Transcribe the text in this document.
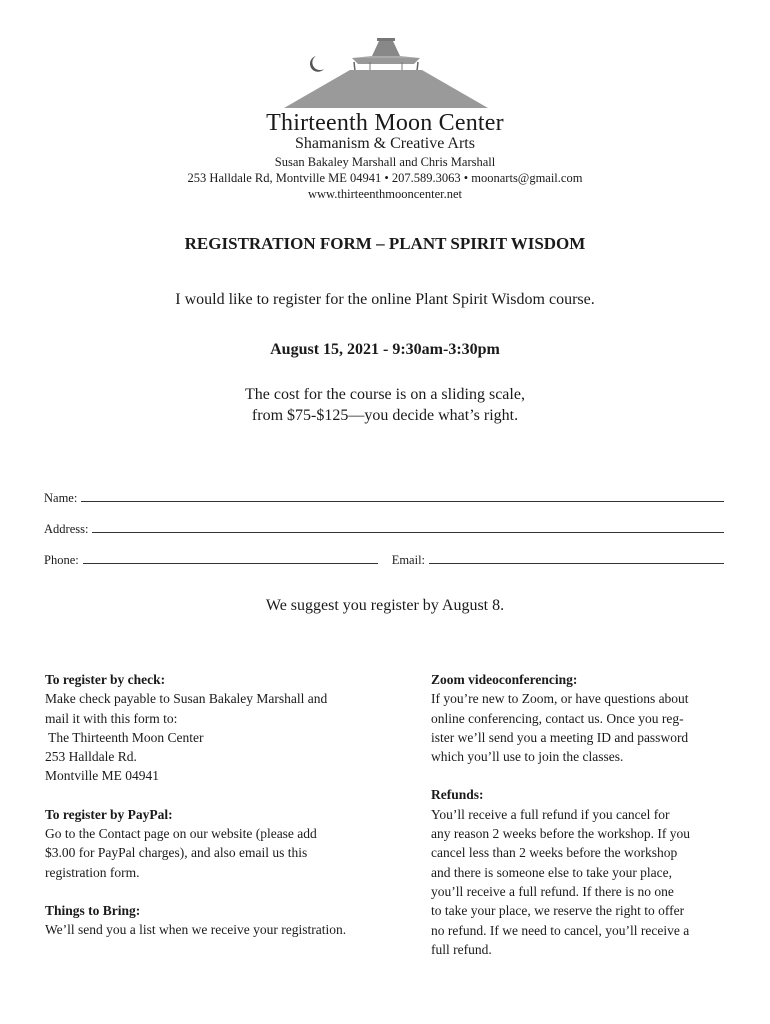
Thirteenth Moon Center
Shamanism & Creative Arts
Susan Bakaley Marshall and Chris Marshall
253 Halldale Rd, Montville ME 04941 • 207.589.3063 • moonarts@gmail.com
www.thirteenthmooncenter.net
REGISTRATION FORM – PLANT SPIRIT WISDOM
I would like to register for the online Plant Spirit Wisdom course.
August 15, 2021 - 9:30am-3:30pm
The cost for the course is on a sliding scale,
from $75-$125—you decide what’s right.
Name:
Address:
Phone:	Email:
We suggest you register by August 8.

To register by check:

Make check payable to Susan Bakaley Marshall and

mail it with this form to:

The Thirteenth Moon Center

253 Halldale Rd.

Montville ME 04941

To register by PayPal:

Go to the Contact page on our website (please add

$3.00 for PayPal charges), and also email us this

registration form.

Things to Bring:

We’ll send you a list when we receive your registration.

Zoom videoconferencing:

If you’re new to Zoom, or have questions about

online conferencing, contact us. Once you reg-

ister we’ll send you a meeting ID and password

which you’ll use to join the classes.

Refunds:

You’ll receive a full refund if you cancel for

any reason 2 weeks before the workshop. If you

cancel less than 2 weeks before the workshop

and there is someone else to take your place,

you’ll receive a full refund. If there is no one

to take your place, we reserve the right to offer

no refund. If we need to cancel, you’ll receive a

full refund.
